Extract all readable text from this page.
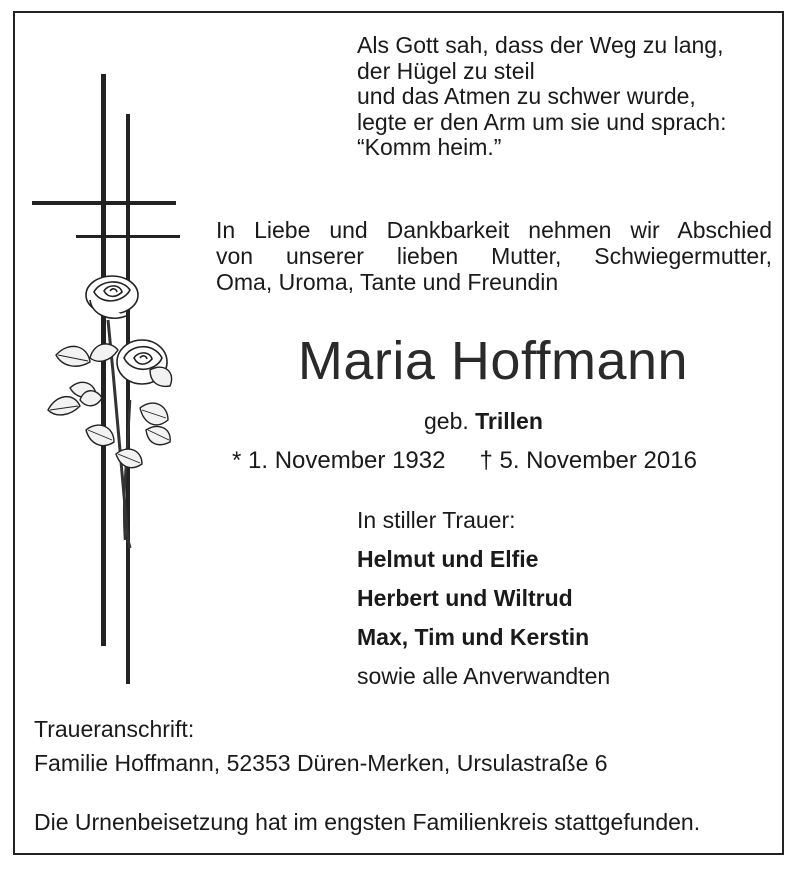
Als Gott sah, dass der Weg zu lang,
der Hügel zu steil
und das Atmen zu schwer wurde,
legte er den Arm um sie und sprach:
“Komm heim.”
In Liebe und Dankbarkeit nehmen wir Abschied
von unserer lieben Mutter, Schwiegermutter,
Oma, Uroma, Tante und Freundin
Maria Hoffmann
geb. Trillen
* 1. November 1932 † 5. November 2016
In stiller Trauer:
Helmut und Elfie
Herbert und Wiltrud
Max, Tim und Kerstin
sowie alle Anverwandten
Traueranschrift:
Familie Hoffmann, 52353 Düren-Merken, Ursulastraße 6
Die Urnenbeisetzung hat im engsten Familienkreis stattgefunden.
